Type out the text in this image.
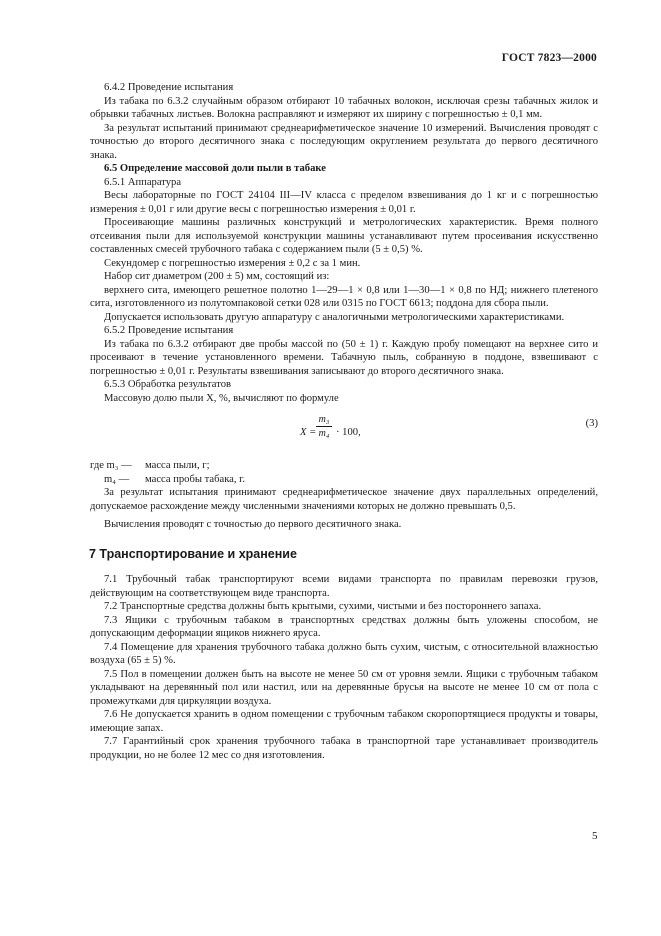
ГОСТ 7823—2000

6.4.2 Проведение испытания

Из табака по 6.3.2 случайным образом отбирают 10 табачных волокон, исключая срезы табачных жилок и обрывки табачных листьев. Волокна расправляют и измеряют их ширину с погрешностью ± 0,1 мм.

За результат испытаний принимают среднеарифметическое значение 10 измерений. Вычисления проводят с точностью до второго десятичного знака с последующим округлением результата до первого десятичного знака.

6.5 Определение массовой доли пыли в табаке

6.5.1 Аппаратура

Весы лабораторные по ГОСТ 24104 III—IV класса с пределом взвешивания до 1 кг и с погрешностью измерения ± 0,01 г или другие весы с погрешностью измерения ± 0,01 г.

Просеивающие машины различных конструкций и метрологических характеристик. Время полного отсеивания пыли для используемой конструкции машины устанавливают путем просеивания искусственно составленных смесей трубочного табака с содержанием пыли (5 ± 0,5) %.

Секундомер с погрешностью измерения ± 0,2 с за 1 мин.

Набор сит диаметром (200 ± 5) мм, состоящий из:

верхнего сита, имеющего решетное полотно 1—29—1 × 0,8 или 1—30—1 × 0,8 по НД; нижнего плетеного сита, изготовленного из полутомпаковой сетки 028 или 0315 по ГОСТ 6613; поддона для сбора пыли.

Допускается использовать другую аппаратуру с аналогичными метрологическими характеристиками.

6.5.2 Проведение испытания

Из табака по 6.3.2 отбирают две пробы массой по (50 ± 1) г. Каждую пробу помещают на верхнее сито и просеивают в течение установленного времени. Табачную пыль, собранную в поддоне, взвешивают с погрешностью ± 0,01 г. Результаты взвешивания записывают до второго десятичного знака.

6.5.3 Обработка результатов

Массовую долю пыли X, %, вычисляют по формуле

$X = \frac{\text{m₃}}{\text{m₄}} \cdot 100$,
(3)
где m₃ —	масса пыли, г;
m₄ —	масса пробы табака, г.

За результат испытания принимают среднеарифметическое значение двух параллельных определений, допускаемое расхождение между численными значениями которых не должно превышать 0,5.

Вычисления проводят с точностью до первого десятичного знака.

7 Транспортирование и хранение

7.1 Трубочный табак транспортируют всеми видами транспорта по правилам перевозки грузов, действующим на соответствующем виде транспорта.

7.2 Транспортные средства должны быть крытыми, сухими, чистыми и без постороннего запаха.

7.3 Ящики с трубочным табаком в транспортных средствах должны быть уложены способом, не допускающим деформации ящиков нижнего яруса.

7.4 Помещение для хранения трубочного табака должно быть сухим, чистым, с относительной влажностью воздуха (65 ± 5) %.

7.5 Пол в помещении должен быть на высоте не менее 50 см от уровня земли. Ящики с трубочным табаком укладывают на деревянный пол или настил, или на деревянные брусья на высоте не менее 10 см от пола с промежутками для циркуляции воздуха.

7.6 Не допускается хранить в одном помещении с трубочным табаком скоропортящиеся продукты и товары, имеющие запах.

7.7 Гарантийный срок хранения трубочного табака в транспортной таре устанавливает производитель продукции, но не более 12 мес со дня изготовления.

5
